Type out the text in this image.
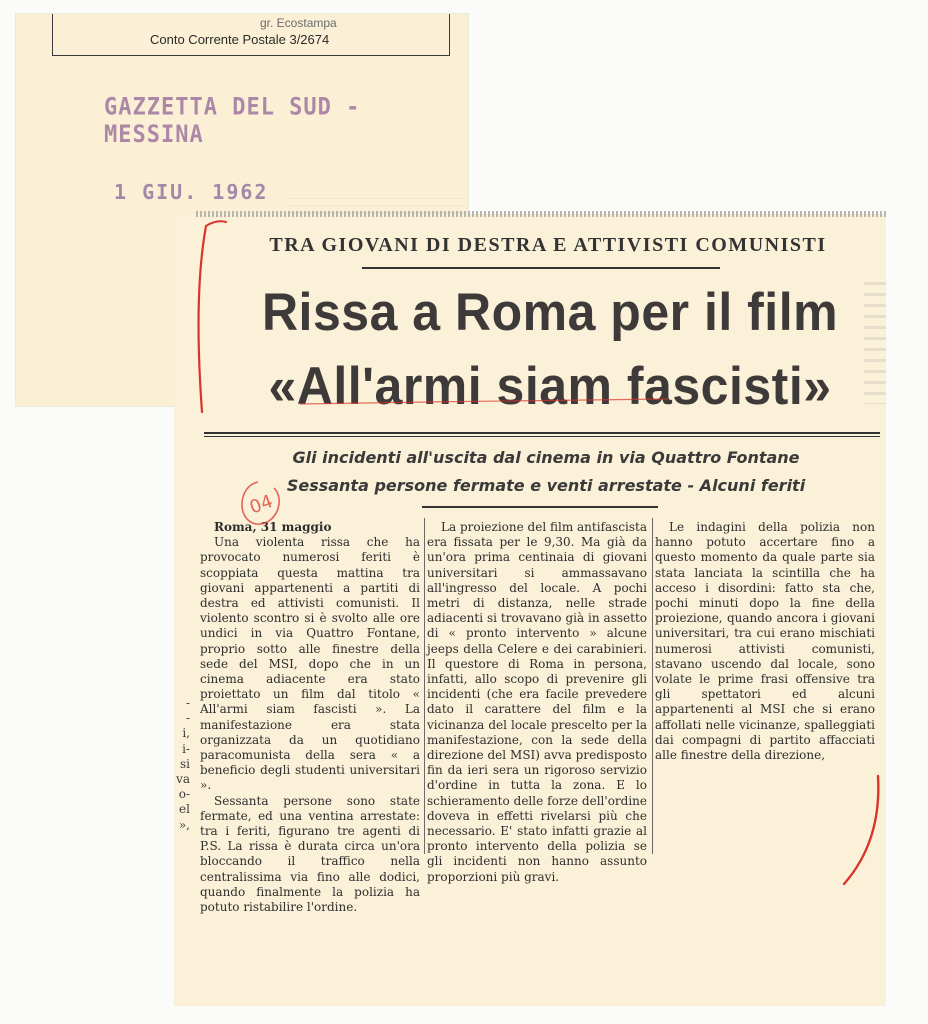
gr. Ecostampa
Conto Corrente Postale 3/2674
GAZZETTA DEL SUD - MESSINA
1 GIU. 1962
TRA GIOVANI DI DESTRA E ATTIVISTI COMUNISTI
Rissa a Roma per il film
«All'armi siam fascisti»
Gli incidenti all'uscita dal cinema in via Quattro Fontane
Sessanta persone fermate e venti arrestate - Alcuni feriti

Roma, 31 maggio

Una violenta rissa che ha provocato numerosi feriti è scoppiata questa mattina tra giovani appartenenti a partiti di destra ed attivisti comunisti. Il violento scontro si è svolto alle ore undici in via Quattro Fontane, proprio sotto alle finestre della sede del MSI, dopo che in un cinema adiacente era stato proiettato un film dal titolo « All'armi siam fascisti ». La manifestazione era stata organizzata da un quotidiano paracomunista della sera « a beneficio degli studenti universitari ».

Sessanta persone sono state fermate, ed una ventina arrestate: tra i feriti, figurano tre agenti di P.S. La rissa è durata circa un'ora bloccando il traffico nella centralissima via fino alle dodici, quando finalmente la polizia ha potuto ristabilire l'ordine.

La proiezione del film antifascista era fissata per le 9,30. Ma già da un'ora prima centinaia di giovani universitari si ammassavano all'ingresso del locale. A pochi metri di distanza, nelle strade adiacenti si trovavano già in assetto di « pronto intervento » alcune jeeps della Celere e dei carabinieri. Il questore di Roma in persona, infatti, allo scopo di prevenire gli incidenti (che era facile prevedere dato il carattere del film e la vicinanza del locale prescelto per la manifestazione, con la sede della direzione del MSI) avva predisposto fin da ieri sera un rigoroso servizio d'ordine in tutta la zona. E lo schieramento delle forze dell'ordine doveva in effetti rivelarsi più che necessario. E' stato infatti grazie al pronto intervento della polizia se gli incidenti non hanno assunto proporzioni più gravi.

Le indagini della polizia non hanno potuto accertare fino a questo momento da quale parte sia stata lanciata la scintilla che ha acceso i disordini: fatto sta che, pochi minuti dopo la fine della proiezione, quando ancora i giovani universitari, tra cui erano mischiati numerosi attivisti comunisti, stavano uscendo dal locale, sono volate le prime frasi offensive tra gli spettatori ed alcuni appartenenti al MSI che si erano affollati nelle vicinanze, spalleggiati dai compagni di partito affacciati alle finestre della direzione,

-
-
i,
i-
si
va
o-
el
»,
04
